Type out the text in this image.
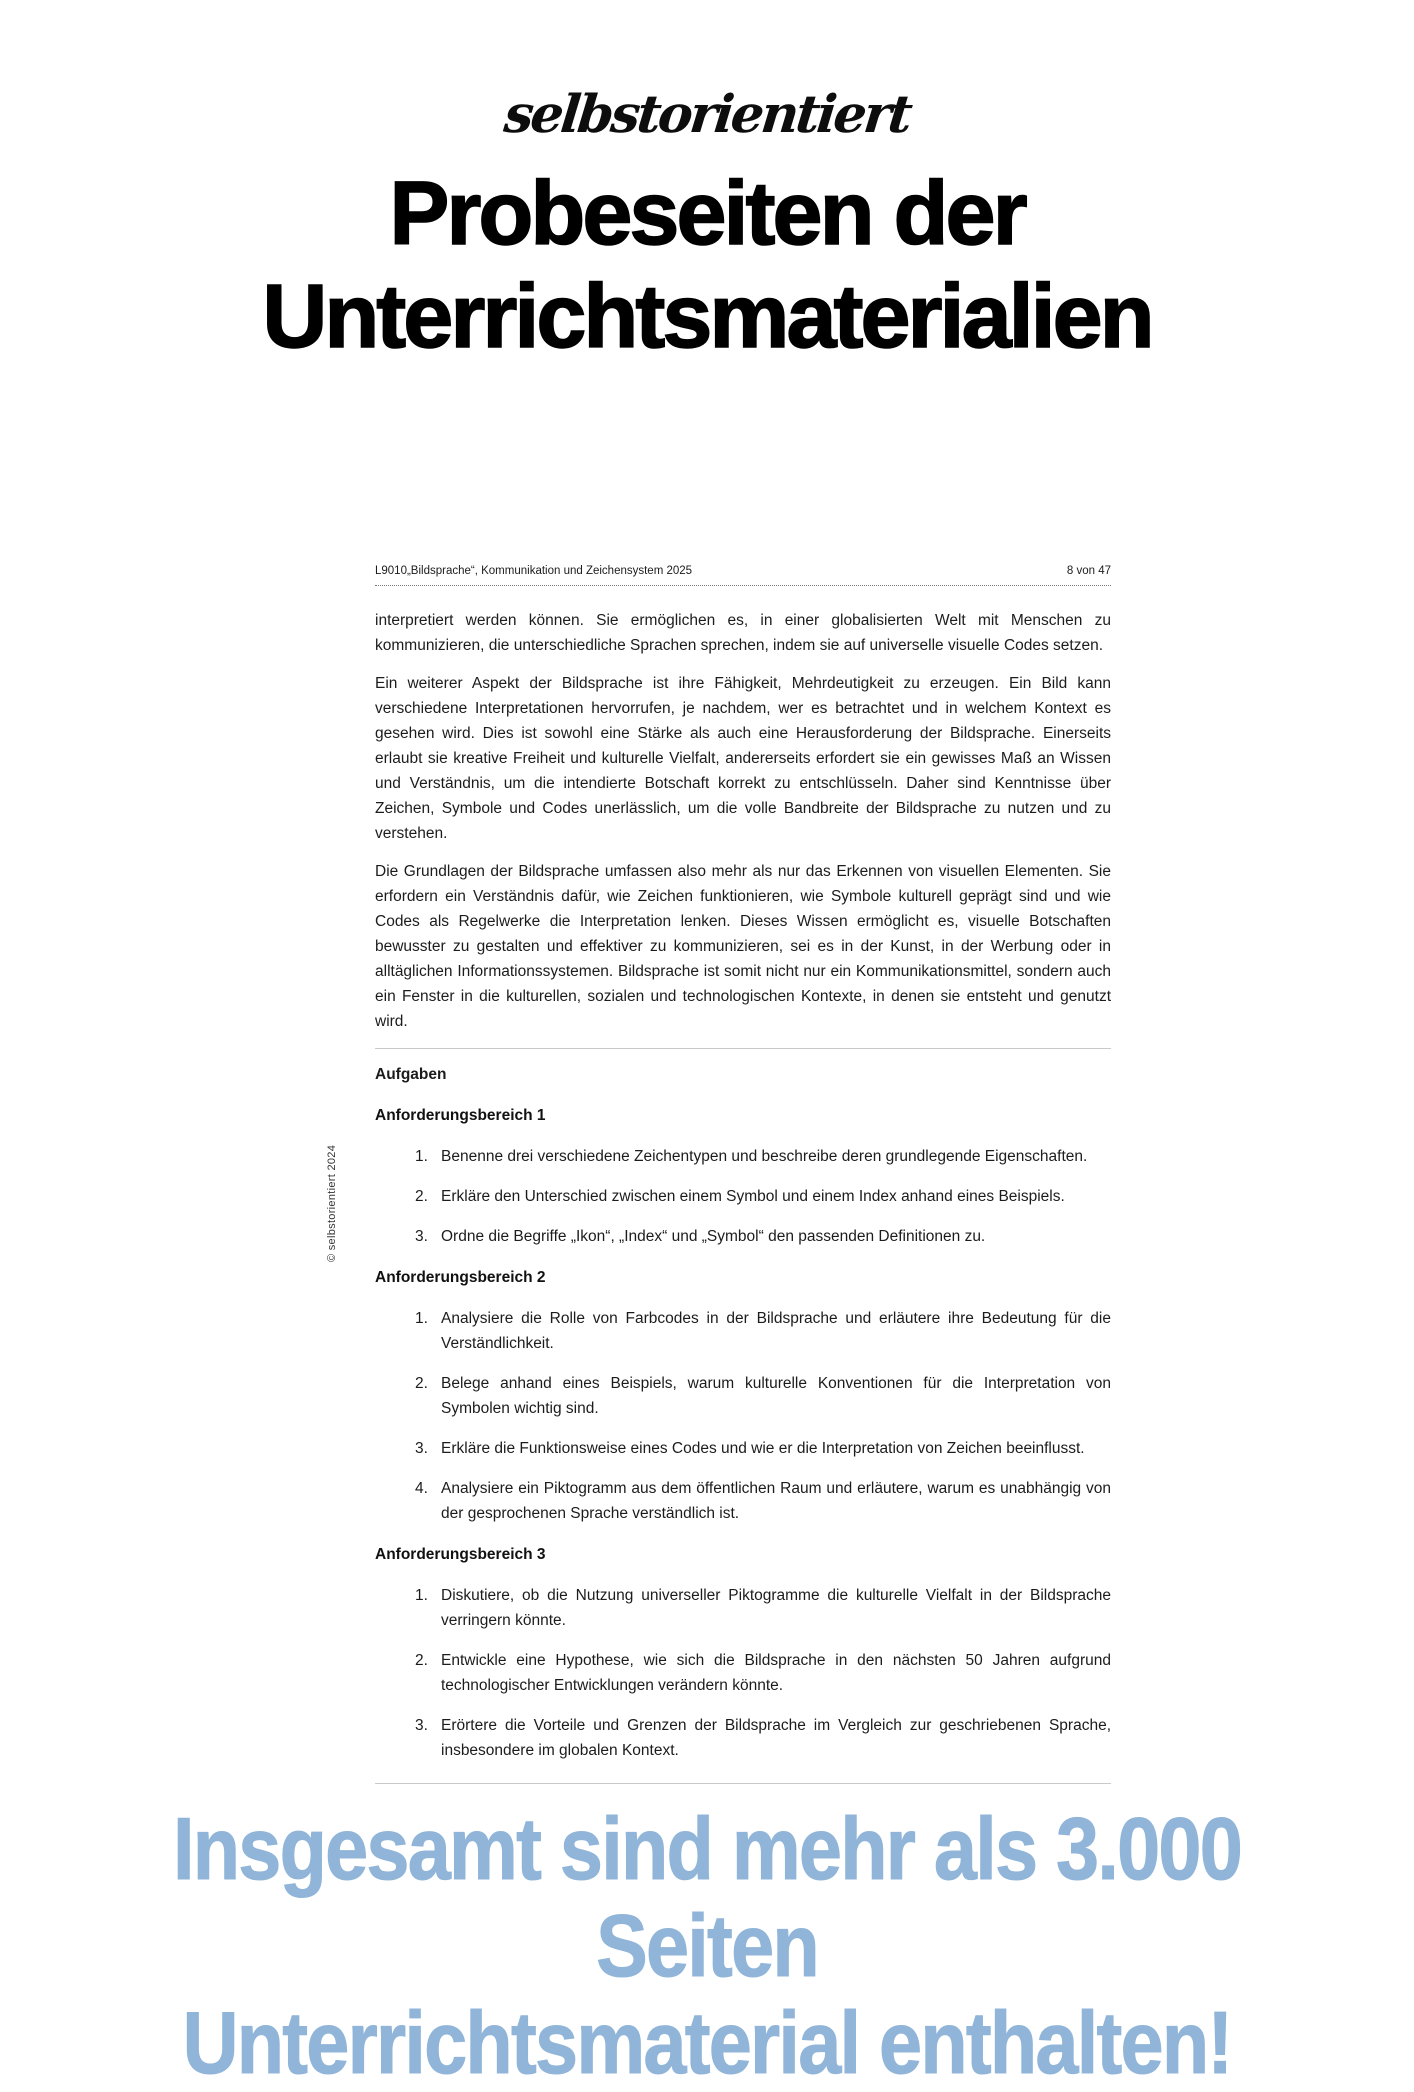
selbstorientiert
Probeseiten der
Unterrichtsmaterialien
L9010„Bildsprache“, Kommunikation und Zeichensystem 2025	8 von 47

interpretiert werden können. Sie ermöglichen es, in einer globalisierten Welt mit Menschen zu kommunizieren, die unterschiedliche Sprachen sprechen, indem sie auf universelle visuelle Codes setzen.

Ein weiterer Aspekt der Bildsprache ist ihre Fähigkeit, Mehrdeutigkeit zu erzeugen. Ein Bild kann verschiedene Interpretationen hervorrufen, je nachdem, wer es betrachtet und in welchem Kontext es gesehen wird. Dies ist sowohl eine Stärke als auch eine Herausforderung der Bildsprache. Einerseits erlaubt sie kreative Freiheit und kulturelle Vielfalt, andererseits erfordert sie ein gewisses Maß an Wissen und Verständnis, um die intendierte Botschaft korrekt zu entschlüsseln. Daher sind Kenntnisse über Zeichen, Symbole und Codes unerlässlich, um die volle Bandbreite der Bildsprache zu nutzen und zu verstehen.

Die Grundlagen der Bildsprache umfassen also mehr als nur das Erkennen von visuellen Elementen. Sie erfordern ein Verständnis dafür, wie Zeichen funktionieren, wie Symbole kulturell geprägt sind und wie Codes als Regelwerke die Interpretation lenken. Dieses Wissen ermöglicht es, visuelle Botschaften bewusster zu gestalten und effektiver zu kommunizieren, sei es in der Kunst, in der Werbung oder in alltäglichen Informationssystemen. Bildsprache ist somit nicht nur ein Kommunikationsmittel, sondern auch ein Fenster in die kulturellen, sozialen und technologischen Kontexte, in denen sie entsteht und genutzt wird.

Aufgaben

Anforderungsbereich 1
Benenne drei verschiedene Zeichentypen und beschreibe deren grundlegende Eigenschaften.
Erkläre den Unterschied zwischen einem Symbol und einem Index anhand eines Beispiels.
Ordne die Begriffe „Ikon“, „Index“ und „Symbol“ den passenden Definitionen zu.
Anforderungsbereich 2
Analysiere die Rolle von Farbcodes in der Bildsprache und erläutere ihre Bedeutung für die Verständlichkeit.
Belege anhand eines Beispiels, warum kulturelle Konventionen für die Interpretation von Symbolen wichtig sind.
Erkläre die Funktionsweise eines Codes und wie er die Interpretation von Zeichen beeinflusst.
Analysiere ein Piktogramm aus dem öffentlichen Raum und erläutere, warum es unabhängig von der gesprochenen Sprache verständlich ist.
Anforderungsbereich 3
Diskutiere, ob die Nutzung universeller Piktogramme die kulturelle Vielfalt in der Bildsprache verringern könnte.
Entwickle eine Hypothese, wie sich die Bildsprache in den nächsten 50 Jahren aufgrund technologischer Entwicklungen verändern könnte.
Erörtere die Vorteile und Grenzen der Bildsprache im Vergleich zur geschriebenen Sprache, insbesondere im globalen Kontext.
© selbstorientiert 2024
Insgesamt sind mehr als 3.000 Seiten
Unterrichtsmaterial enthalten!
